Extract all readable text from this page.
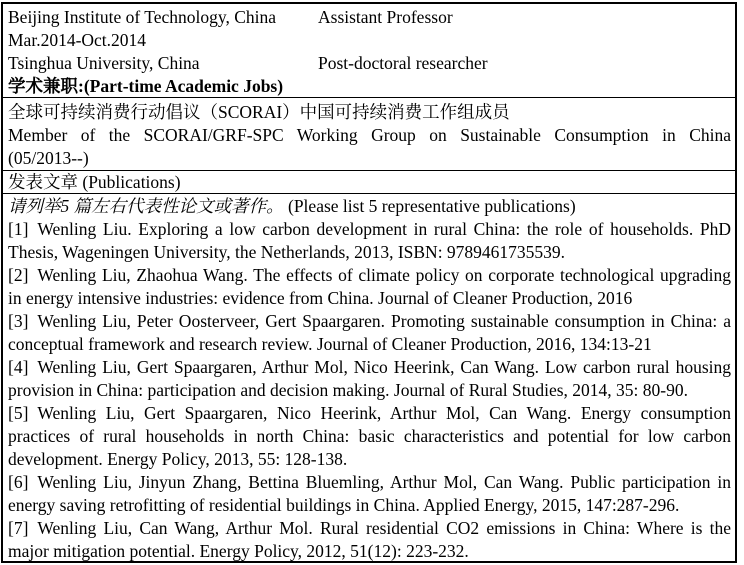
Beijing Institute of Technology, China Assistant Professor
Mar.2014-Oct.2014
Tsinghua University, China	Post-doctoral researcher
学术兼职:(Part-time Academic Jobs)
全球可持续消费行动倡议（SCORAI）中国可持续消费工作组成员
Member of the SCORAI/GRF-SPC Working Group on Sustainable Consumption in China
(05/2013--)
发表文章 (Publications)
请列举5 篇左右代表性论文或著作。 (Please list 5 representative publications)
[1] Wenling Liu. Exploring a low carbon development in rural China: the role of households. PhD Thesis, Wageningen University, the Netherlands, 2013, ISBN: 9789461735539.
[2] Wenling Liu, Zhaohua Wang. The effects of climate policy on corporate technological upgrading in energy intensive industries: evidence from China. Journal of Cleaner Production, 2016
[3] Wenling Liu, Peter Oosterveer, Gert Spaargaren. Promoting sustainable consumption in China: a conceptual framework and research review. Journal of Cleaner Production, 2016, 134:13-21
[4] Wenling Liu, Gert Spaargaren, Arthur Mol, Nico Heerink, Can Wang. Low carbon rural housing provision in China: participation and decision making. Journal of Rural Studies, 2014, 35: 80-90.
[5] Wenling Liu, Gert Spaargaren, Nico Heerink, Arthur Mol, Can Wang. Energy consumption practices of rural households in north China: basic characteristics and potential for low carbon development. Energy Policy, 2013, 55: 128-138.
[6] Wenling Liu, Jinyun Zhang, Bettina Bluemling, Arthur Mol, Can Wang. Public participation in energy saving retrofitting of residential buildings in China. Applied Energy, 2015, 147:287-296.
[7] Wenling Liu, Can Wang, Arthur Mol. Rural residential CO2 emissions in China: Where is the major mitigation potential. Energy Policy, 2012, 51(12): 223-232.
